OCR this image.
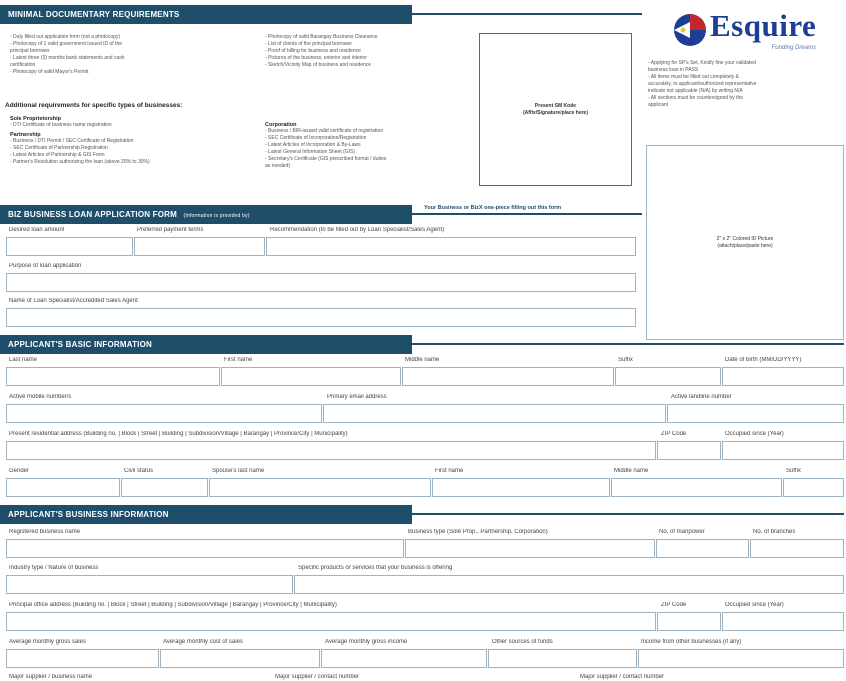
MINIMAL DOCUMENTARY REQUIREMENTS
- Duly filled out application form (not a photocopy)
- Photocopy of 1 valid government issued ID of the
principal borrower
- Latest three (3) months bank statements and cash
certification
- Photocopy of valid Mayor's Permit
- Photocopy of valid Barangay Business Clearance
- List of clients of the principal borrower
- Proof of billing for business and residence
- Pictures of the business, exterior and interior
- Sketch/Vicinity Map of business and residence
Additional requirements for specific types of businesses:
Sole Proprietorship
- DTI Certificate of business name registration
Partnership
- Business / DTI Permit / SEC Certificate of Registration
- SEC Certificate of Partnership Registration
- Latest Articles of Partnership & GIS Form
- Partner's Resolution authorizing the loan (above 20% to 30%)
Corporation
- Business / BIR-issued valid certificate of registration
- SEC Certificate of Incorporation/Registration
- Latest Articles of Incorporation & By-Laws
- Latest General Information Sheet (GIS)
- Secretary's Certificate (GIS prescribed format / duties
as needed)
Present SM Kode
(Affix/Signature/place here)
Esquire
Funding Dreams
- Applying for SP's Set, Kindly fine your validated
business loan in PASS
- All items must be filled out completely &
accurately, to applicant/authorized representative
indicate not applicable (N/A) by writing N/A
- All sections must be countersigned by the
applicant
2" x 2" Colored ID Picture
(attach/place/paste here)
BIZ BUSINESS LOAN APPLICATION FORM (Information is provided by)
Your Business or BizX one-piece filling out this form
Desired loan amount	Preferred payment terms	Recommendation (to be filled out by Loan Specialist/Sales Agent)
Purpose of loan application
Name of Loan Specialist/Accredited Sales Agent
APPLICANT'S BASIC INFORMATION
Last name	First name	Middle name	Suffix	Date of birth (MM/DD/YYYY)
Active mobile number/s	Primary email address	Active landline number
Present residential address (Building no. | Block | Street | Building | Subdivision/Village | Barangay | Province/City | Municipality)	ZIP Code	Occupied since (Year)
Gender	Civil status	Spouse's last name	First name	Middle name	Suffix
APPLICANT'S BUSINESS INFORMATION
Registered business name	Business type (Sole Prop., Partnership, Corporation)	No. of manpower	No. of branches
Industry type / Nature of business	Specific products or services that your business is offering
Principal office address (Building no. | Block | Street | Building | Subdivision/Village | Barangay | Province/City | Municipality)	ZIP Code	Occupied since (Year)
Average monthly gross sales	Average monthly cost of sales	Average monthly gross income	Other sources of funds	Income from other businesses (if any)
Major supplier / business name	Major supplier / contact number	Major supplier / contact number
